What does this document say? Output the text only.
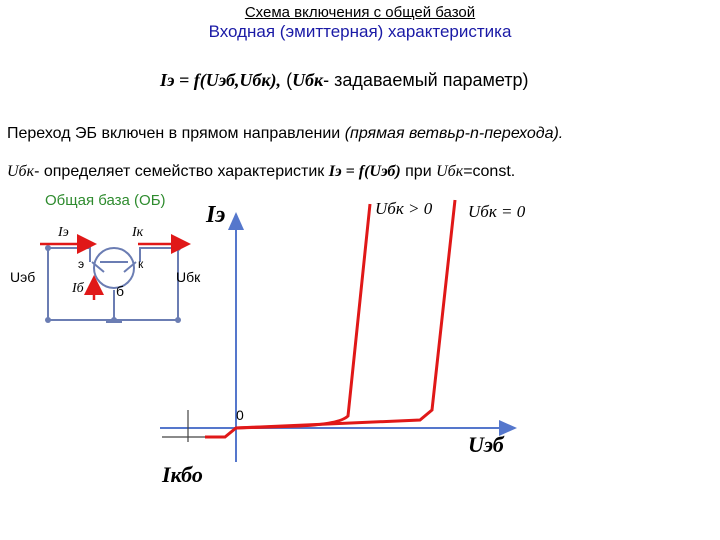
Схема включения с общей базой
Входная (эмиттерная) характеристика
Iэ = f(Uэб,Uбк), (Uбк- задаваемый параметр)
Переход ЭБ включен в прямом направлении (прямая ветвьp-n-перехода).
Uбк- определяет семейство характеристик Iэ = f(Uэб) при Uбк=const.
Общая база (ОБ)
Iэ	Iк
Uэб
Iб
э	к
б
Uбк
Iэ
Uэб
0
Uбк > 0 Uбк = 0
Iкбо
